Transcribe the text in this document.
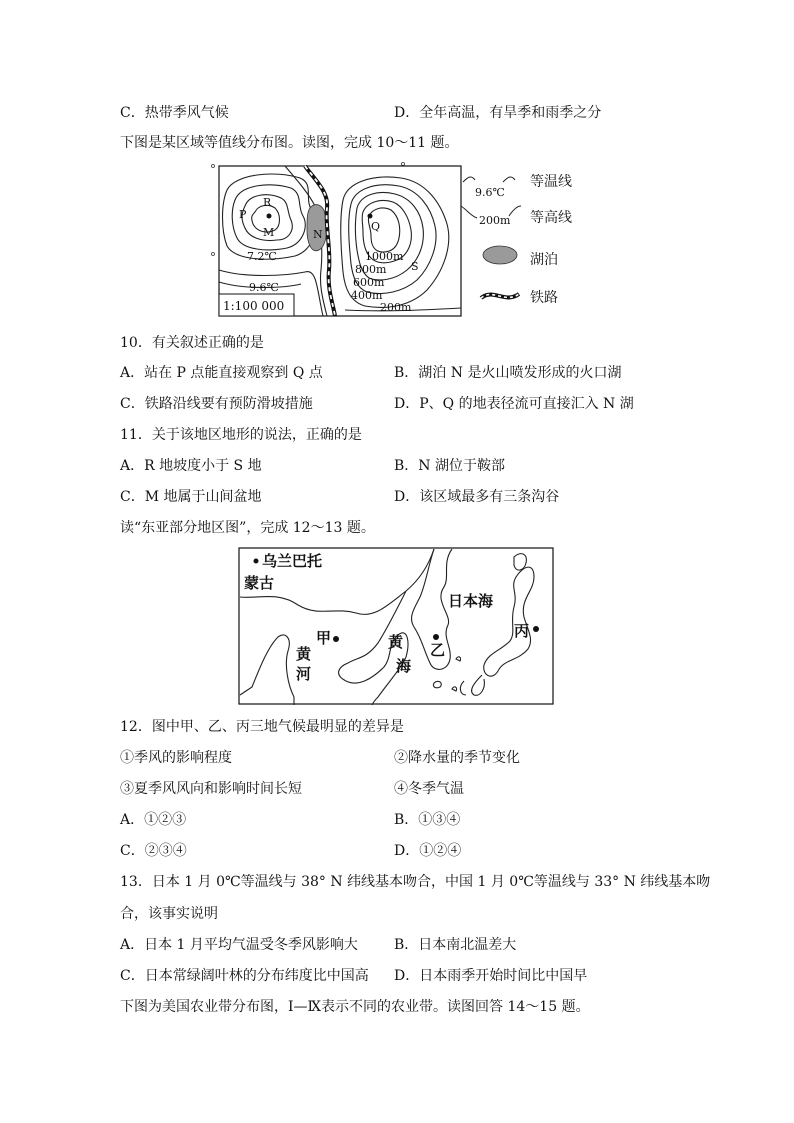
C．热带季风气候	D．全年高温，有旱季和雨季之分
下图是某区域等值线分布图。读图，完成 10～11 题。
P
R
M	N
Q
S
7.2℃
9.6℃
1000m
800m
600m
400m
200m
1:100 000
9.6℃
等温线
200m 等高线
湖泊
铁路
10．有关叙述正确的是
A．站在 P 点能直接观察到 Q 点	B．湖泊 N 是火山喷发形成的火口湖
C．铁路沿线要有预防滑坡措施	D．P、Q 的地表径流可直接汇入 N 湖
11．关于该地区地形的说法，正确的是
A．R 地坡度小于 S 地	B．N 湖位于鞍部
C．M 地属于山间盆地	D．该区域最多有三条沟谷
读“东亚部分地区图”，完成 12～13 题。
乌兰巴托
蒙古
日本海
甲
乙
丙
黄
海
黄
河
12．图中甲、乙、丙三地气候最明显的差异是
①季风的影响程度	②降水量的季节变化
③夏季风风向和影响时间长短	④冬季气温
A．①②③	B．①③④
C．②③④	D．①②④
13．日本 1 月 0℃等温线与 38° N 纬线基本吻合，中国 1 月 0℃等温线与 33° N 纬线基本吻
合，该事实说明
A．日本 1 月平均气温受冬季风影响大	B．日本南北温差大
C．日本常绿阔叶林的分布纬度比中国高 D．日本雨季开始时间比中国早
下图为美国农业带分布图，Ⅰ—Ⅸ表示不同的农业带。读图回答 14～15 题。
